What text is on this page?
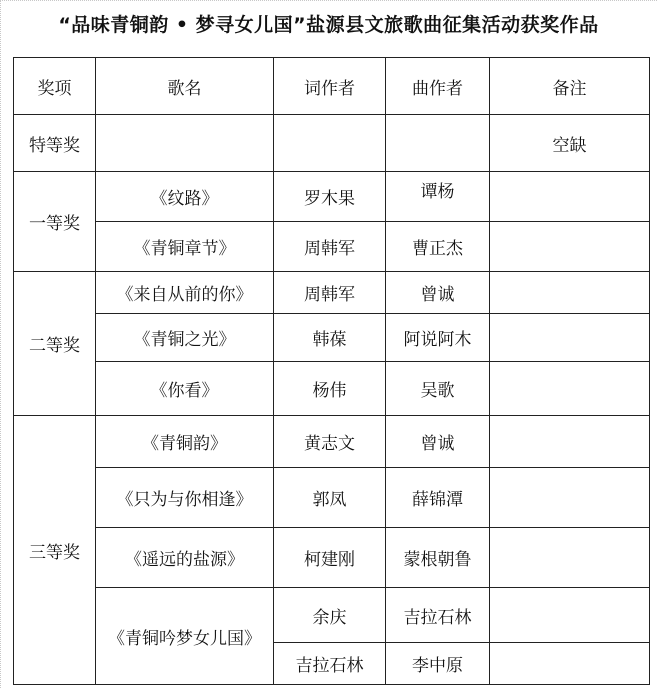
“品味青铜韵 • 梦寻女儿国”盐源县文旅歌曲征集活动获奖作品
奖项	歌名	词作者	曲作者	备注
特等奖				空缺
一等奖	《纹路》	罗木果	谭杨	
	《青铜章节》	周韩军	曹正杰	
二等奖	《来自从前的你》	周韩军	曾诚	
	《青铜之光》	韩葆	阿说阿木	
	《你看》	杨伟	吴歌	
三等奖	《青铜韵》	黄志文	曾诚	
	《只为与你相逢》	郭凤	薛锦潭	
	《遥远的盐源》	柯建刚	蒙根朝鲁	
	《青铜吟梦女儿国》	余庆	吉拉石林	
		吉拉石林	李中原	
